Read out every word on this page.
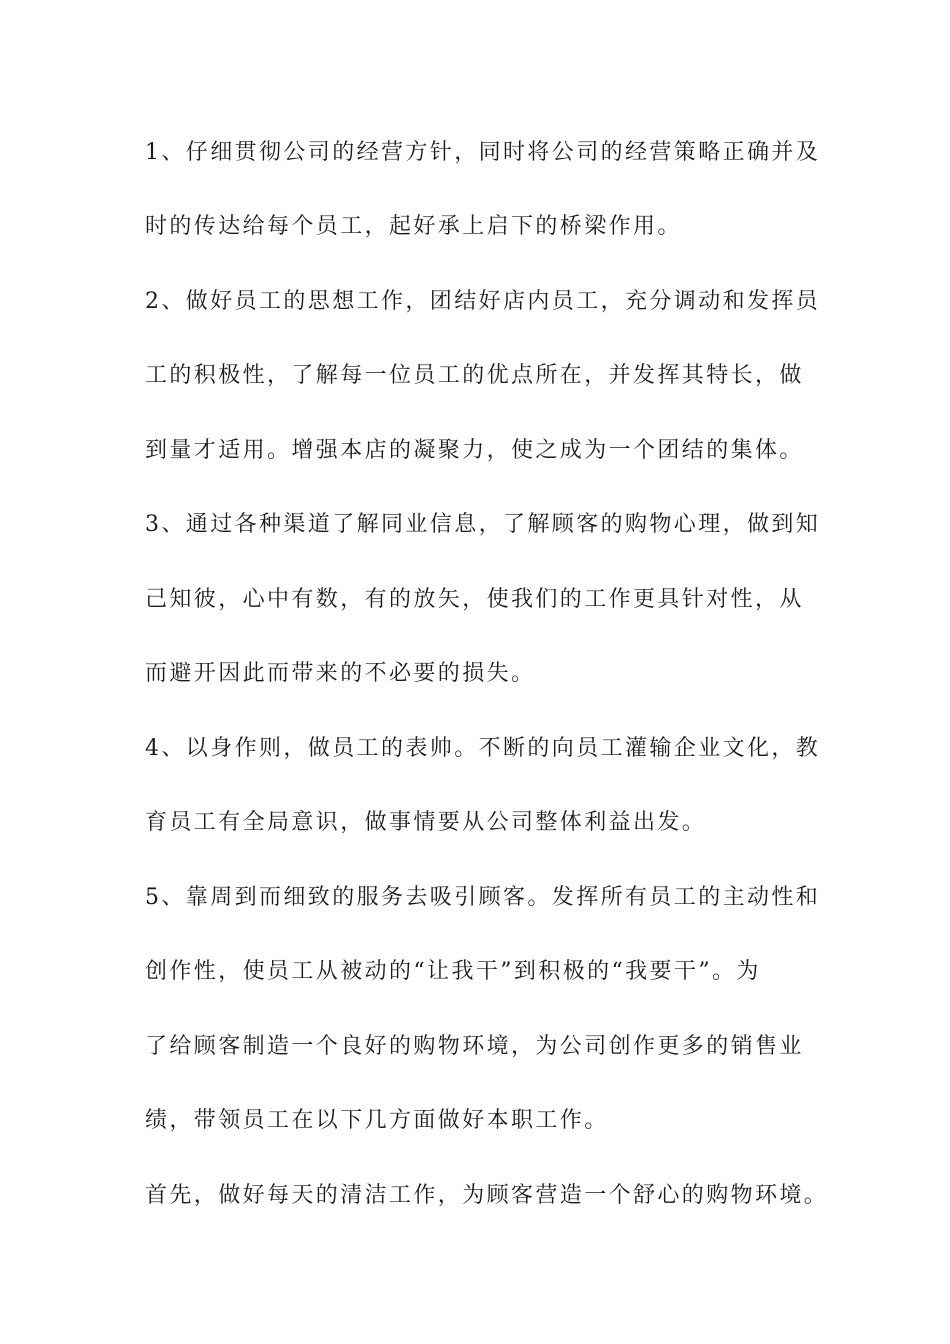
1、仔细贯彻公司的经营方针，同时将公司的经营策略正确并及
时的传达给每个员工，起好承上启下的桥梁作用。
2、做好员工的思想工作，团结好店内员工，充分调动和发挥员
工的积极性，了解每一位员工的优点所在，并发挥其特长，做
到量才适用。增强本店的凝聚力，使之成为一个团结的集体。
3、通过各种渠道了解同业信息，了解顾客的购物心理，做到知
己知彼，心中有数，有的放矢，使我们的工作更具针对性，从
而避开因此而带来的不必要的损失。
4、以身作则，做员工的表帅。不断的向员工灌输企业文化，教
育员工有全局意识，做事情要从公司整体利益出发。
5、靠周到而细致的服务去吸引顾客。发挥所有员工的主动性和
创作性，使员工从被动的“让我干”到积极的“我要干”。为
了给顾客制造一个良好的购物环境，为公司创作更多的销售业
绩，带领员工在以下几方面做好本职工作。
首先，做好每天的清洁工作，为顾客营造一个舒心的购物环境。
